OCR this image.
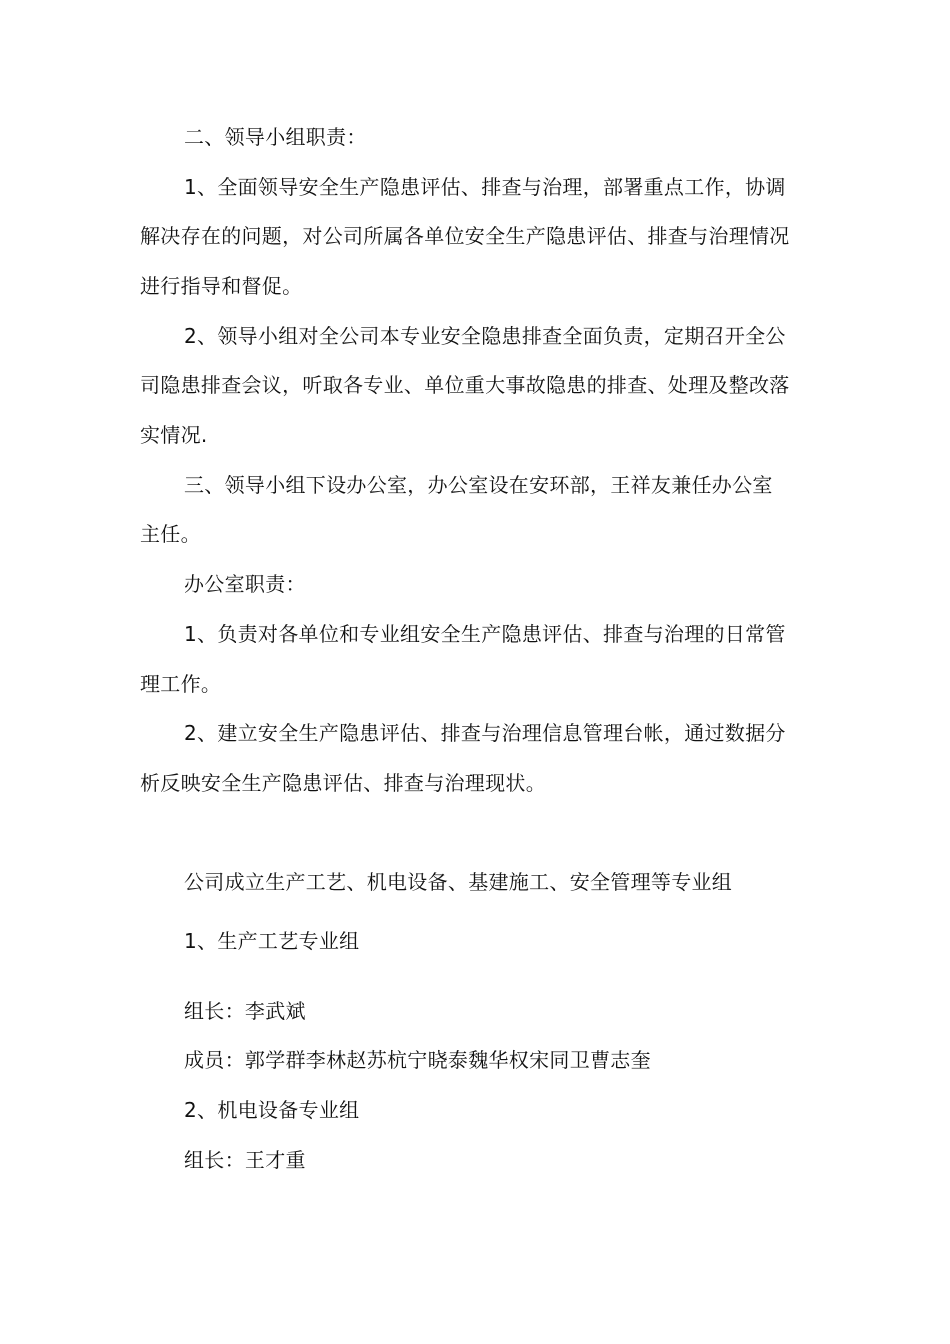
二、领导小组职责：
1、全面领导安全生产隐患评估、排查与治理，部署重点工作，协调
解决存在的问题，对公司所属各单位安全生产隐患评估、排查与治理情况
进行指导和督促。
2、领导小组对全公司本专业安全隐患排查全面负责，定期召开全公
司隐患排查会议，听取各专业、单位重大事故隐患的排查、处理及整改落
实情况.
三、领导小组下设办公室，办公室设在安环部，王祥友兼任办公室
主任。
办公室职责：
1、负责对各单位和专业组安全生产隐患评估、排查与治理的日常管
理工作。
2、建立安全生产隐患评估、排查与治理信息管理台帐，通过数据分
析反映安全生产隐患评估、排查与治理现状。
公司成立生产工艺、机电设备、基建施工、安全管理等专业组
1、生产工艺专业组
组长：李武斌
成员：郭学群李林赵苏杭宁晓泰魏华权宋同卫曹志奎
2、机电设备专业组
组长：王才重
